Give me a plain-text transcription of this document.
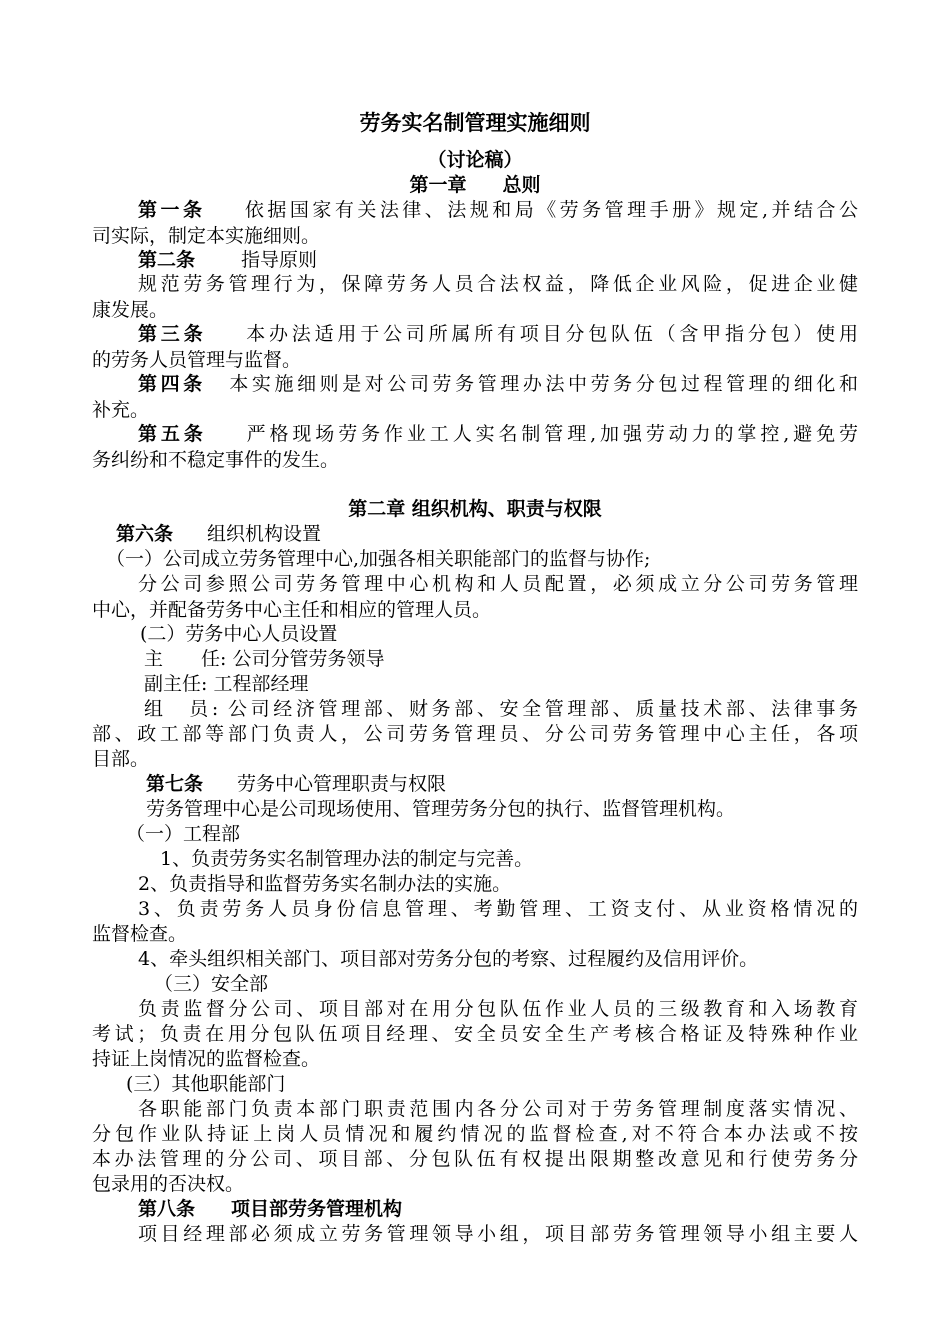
劳务实名制管理实施细则
（讨论稿）
第一章 总则
第一条 依据国家有关法律、法规和局《劳务管理手册》规定,并结合公
司实际，制定本实施细则。
第二条 指导原则
规范劳务管理行为，保障劳务人员合法权益，降低企业风险，促进企业健
康发展。
第三条 本办法适用于公司所属所有项目分包队伍（含甲指分包）使用
的劳务人员管理与监督。
第四条 本实施细则是对公司劳务管理办法中劳务分包过程管理的细化和
补充。
第五条 严格现场劳务作业工人实名制管理,加强劳动力的掌控,避免劳
务纠纷和不稳定事件的发生。
第二章 组织机构、职责与权限
第六条 组织机构设置
（一）公司成立劳务管理中心,加强各相关职能部门的监督与协作;
分公司参照公司劳务管理中心机构和人员配置，必须成立分公司劳务管理
中心，并配备劳务中心主任和相应的管理人员。
(二）劳务中心人员设置
主　　任: 公司分管劳务领导
副主任: 工程部经理
组　员: 公司经济管理部、财务部、安全管理部、质量技术部、法律事务
部、政工部等部门负责人，公司劳务管理员、分公司劳务管理中心主任，各项
目部。
第七条 劳务中心管理职责与权限
劳务管理中心是公司现场使用、管理劳务分包的执行、监督管理机构。
（一）工程部
1、负责劳务实名制管理办法的制定与完善。
2、负责指导和监督劳务实名制办法的实施。
3、负责劳务人员身份信息管理、考勤管理、工资支付、从业资格情况的
监督检查。
4、牵头组织相关部门、项目部对劳务分包的考察、过程履约及信用评价。
（三）安全部
负责监督分公司、项目部对在用分包队伍作业人员的三级教育和入场教育
考试；负责在用分包队伍项目经理、安全员安全生产考核合格证及特殊种作业
持证上岗情况的监督检查。
(三）其他职能部门
各职能部门负责本部门职责范围内各分公司对于劳务管理制度落实情况、
分包作业队持证上岗人员情况和履约情况的监督检查,对不符合本办法或不按
本办法管理的分公司、项目部、分包队伍有权提出限期整改意见和行使劳务分
包录用的否决权。
第八条 项目部劳务管理机构
项目经理部必须成立劳务管理领导小组，项目部劳务管理领导小组主要人
